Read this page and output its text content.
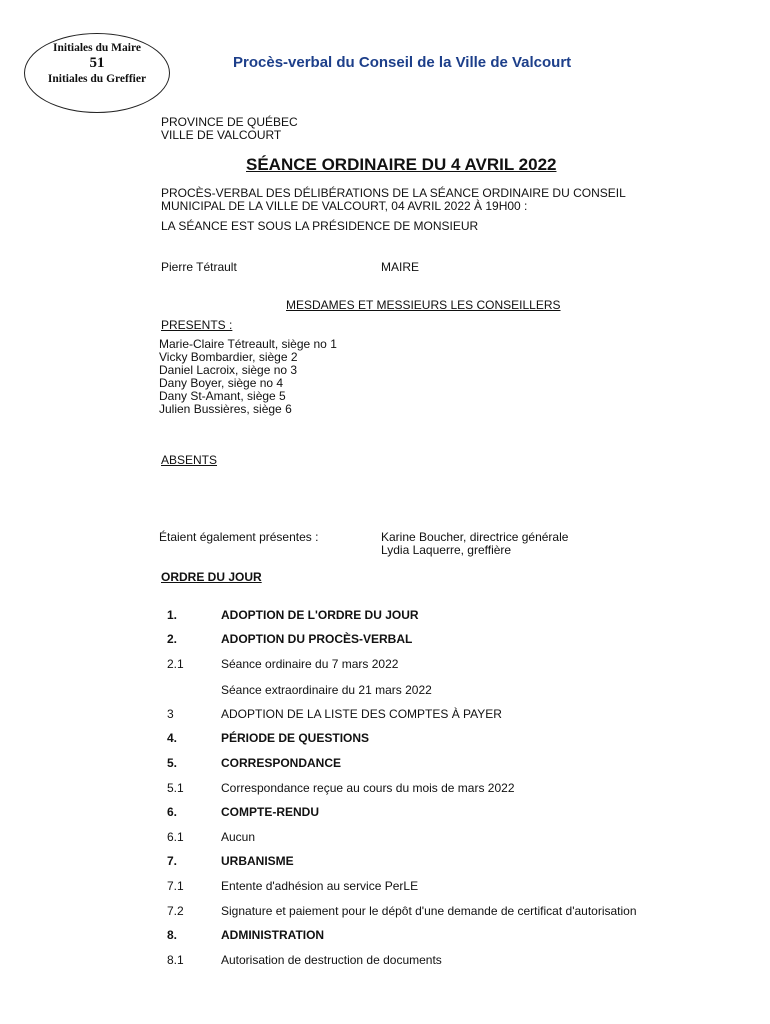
Initiales du Maire
51
Initiales du Greffier
Procès-verbal du Conseil de la Ville de Valcourt
PROVINCE DE QUÉBEC
VILLE DE VALCOURT
SÉANCE ORDINAIRE DU 4 AVRIL 2022
PROCÈS-VERBAL DES DÉLIBÉRATIONS DE LA SÉANCE ORDINAIRE DU CONSEIL
MUNICIPAL DE LA VILLE DE VALCOURT, 04 AVRIL 2022 À 19H00 :
LA SÉANCE EST SOUS LA PRÉSIDENCE DE MONSIEUR
Pierre Tétrault	MAIRE
MESDAMES ET MESSIEURS LES CONSEILLERS
PRESENTS :
Marie-Claire Tétreault, siège no 1
Vicky Bombardier, siège 2
Daniel Lacroix, siège no 3
Dany Boyer, siège no 4
Dany St-Amant, siège 5
Julien Bussières, siège 6
ABSENTS
Étaient également présentes :	Karine Boucher, directrice générale
Lydia Laquerre, greffière
ORDRE DU JOUR
1.	ADOPTION DE L'ORDRE DU JOUR
2.	ADOPTION DU PROCÈS-VERBAL
2.1	Séance ordinaire du 7 mars 2022
Séance extraordinaire du 21 mars 2022
3	ADOPTION DE LA LISTE DES COMPTES À PAYER
4.	PÉRIODE DE QUESTIONS
5.	CORRESPONDANCE
5.1	Correspondance reçue au cours du mois de mars 2022
6.	COMPTE-RENDU
6.1	Aucun
7.	URBANISME
7.1	Entente d'adhésion au service PerLE
7.2	Signature et paiement pour le dépôt d'une demande de certificat d'autorisation
8.	ADMINISTRATION
8.1	Autorisation de destruction de documents
